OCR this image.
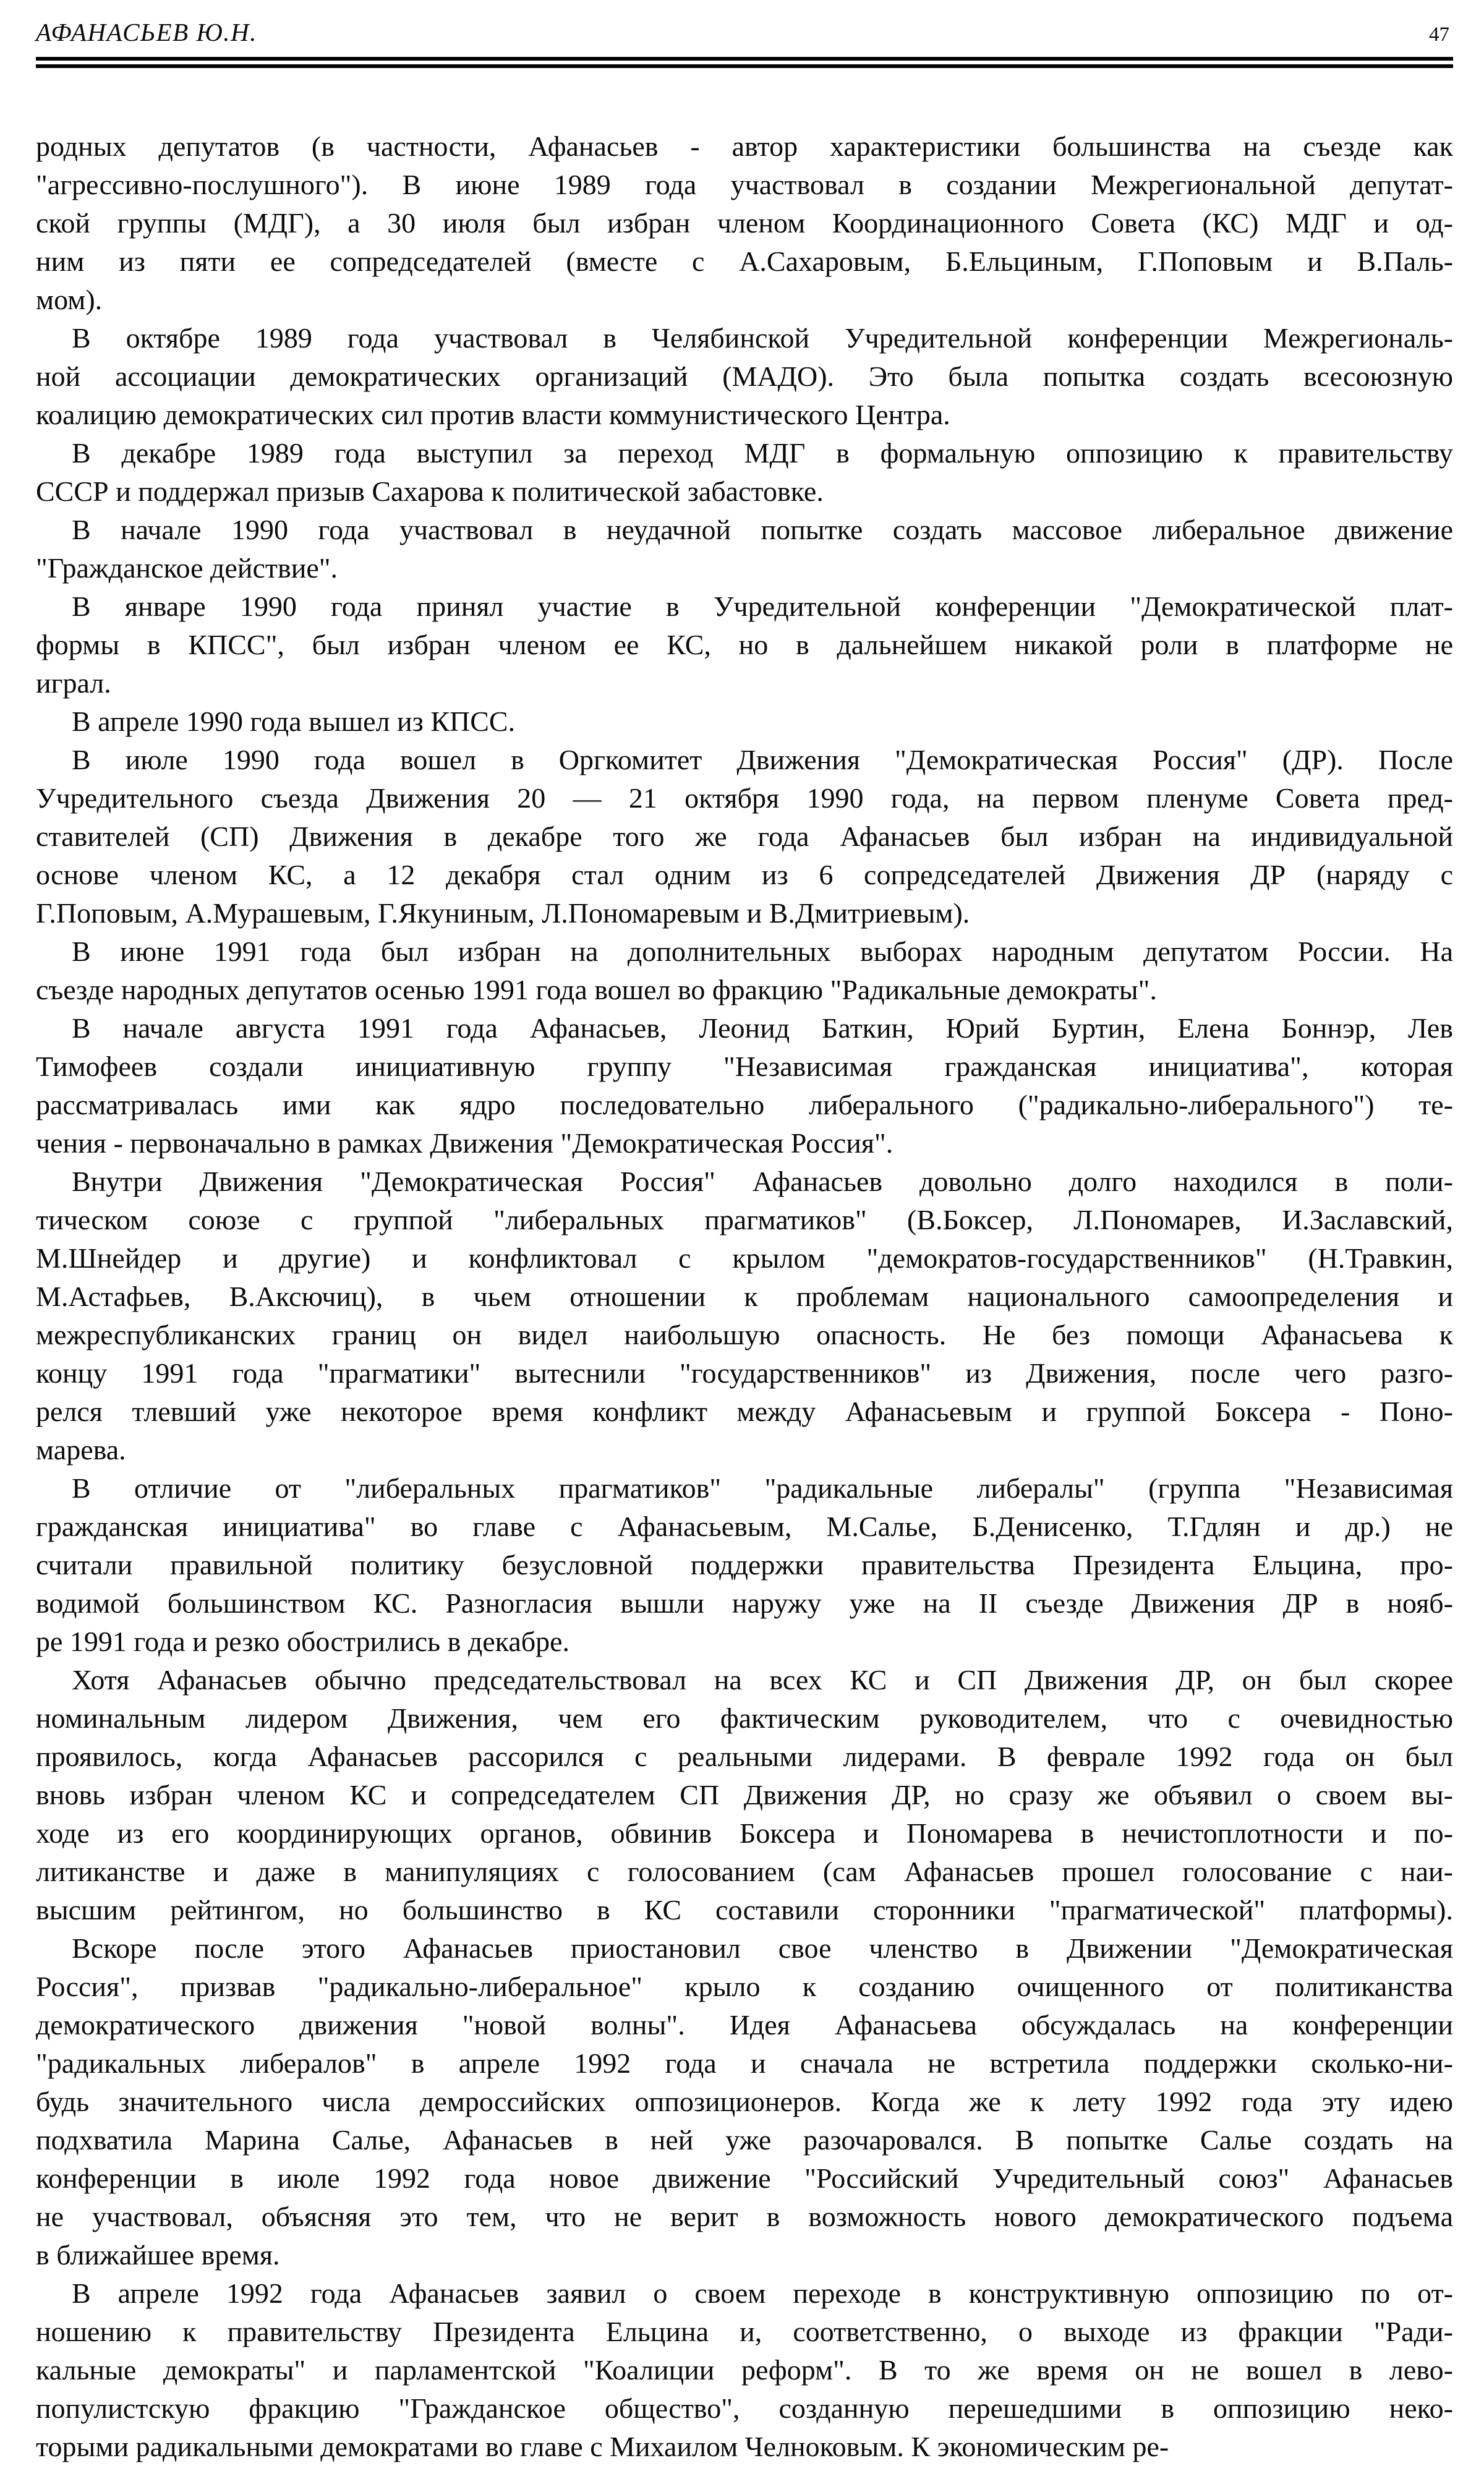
АФАНАСЬЕВ Ю.Н.	47
родных депутатов (в частности, Афанасьев - автор характеристики большинства на съезде как
"агрессивно-послушного"). В июне 1989 года участвовал в создании Межрегиональной депутат-
ской группы (МДГ), а 30 июля был избран членом Координационного Совета (КС) МДГ и од-
ним из пяти ее сопредседателей (вместе с А.Сахаровым, Б.Ельциным, Г.Поповым и В.Паль-
мом).
В октябре 1989 года участвовал в Челябинской Учредительной конференции Межрегиональ-
ной ассоциации демократических организаций (МАДО). Это была попытка создать всесоюзную
коалицию демократических сил против власти коммунистического Центра.
В декабре 1989 года выступил за переход МДГ в формальную оппозицию к правительству
СССР и поддержал призыв Сахарова к политической забастовке.
В начале 1990 года участвовал в неудачной попытке создать массовое либеральное движение
"Гражданское действие".
В январе 1990 года принял участие в Учредительной конференции "Демократической плат-
формы в КПСС", был избран членом ее КС, но в дальнейшем никакой роли в платформе не
играл.
В апреле 1990 года вышел из КПСС.
В июле 1990 года вошел в Оргкомитет Движения "Демократическая Россия" (ДР). После
Учредительного съезда Движения 20 — 21 октября 1990 года, на первом пленуме Совета пред-
ставителей (СП) Движения в декабре того же года Афанасьев был избран на индивидуальной
основе членом КС, а 12 декабря стал одним из 6 сопредседателей Движения ДР (наряду с
Г.Поповым, А.Мурашевым, Г.Якуниным, Л.Пономаревым и В.Дмитриевым).
В июне 1991 года был избран на дополнительных выборах народным депутатом России. На
съезде народных депутатов осенью 1991 года вошел во фракцию "Радикальные демократы".
В начале августа 1991 года Афанасьев, Леонид Баткин, Юрий Буртин, Елена Боннэр, Лев
Тимофеев создали инициативную группу "Независимая гражданская инициатива", которая
рассматривалась ими как ядро последовательно либерального ("радикально-либерального") те-
чения - первоначально в рамках Движения "Демократическая Россия".
Внутри Движения "Демократическая Россия" Афанасьев довольно долго находился в поли-
тическом союзе с группой "либеральных прагматиков" (В.Боксер, Л.Пономарев, И.Заславский,
М.Шнейдер и другие) и конфликтовал с крылом "демократов-государственников" (Н.Травкин,
М.Астафьев, В.Аксючиц), в чьем отношении к проблемам национального самоопределения и
межреспубликанских границ он видел наибольшую опасность. Не без помощи Афанасьева к
концу 1991 года "прагматики" вытеснили "государственников" из Движения, после чего разго-
релся тлевший уже некоторое время конфликт между Афанасьевым и группой Боксера - Поно-
марева.
В отличие от "либеральных прагматиков" "радикальные либералы" (группа "Независимая
гражданская инициатива" во главе с Афанасьевым, М.Салье, Б.Денисенко, Т.Гдлян и др.) не
считали правильной политику безусловной поддержки правительства Президента Ельцина, про-
водимой большинством КС. Разногласия вышли наружу уже на II съезде Движения ДР в нояб-
ре 1991 года и резко обострились в декабре.
Хотя Афанасьев обычно председательствовал на всех КС и СП Движения ДР, он был скорее
номинальным лидером Движения, чем его фактическим руководителем, что с очевидностью
проявилось, когда Афанасьев рассорился с реальными лидерами. В феврале 1992 года он был
вновь избран членом КС и сопредседателем СП Движения ДР, но сразу же объявил о своем вы-
ходе из его координирующих органов, обвинив Боксера и Пономарева в нечистоплотности и по-
литиканстве и даже в манипуляциях с голосованием (сам Афанасьев прошел голосование с наи-
высшим рейтингом, но большинство в КС составили сторонники "прагматической" платформы).
Вскоре после этого Афанасьев приостановил свое членство в Движении "Демократическая
Россия", призвав "радикально-либеральное" крыло к созданию очищенного от политиканства
демократического движения "новой волны". Идея Афанасьева обсуждалась на конференции
"радикальных либералов" в апреле 1992 года и сначала не встретила поддержки сколько-ни-
будь значительного числа демроссийских оппозиционеров. Когда же к лету 1992 года эту идею
подхватила Марина Салье, Афанасьев в ней уже разочаровался. В попытке Салье создать на
конференции в июле 1992 года новое движение "Российский Учредительный союз" Афанасьев
не участвовал, объясняя это тем, что не верит в возможность нового демократического подъема
в ближайшее время.
В апреле 1992 года Афанасьев заявил о своем переходе в конструктивную оппозицию по от-
ношению к правительству Президента Ельцина и, соответственно, о выходе из фракции "Ради-
кальные демократы" и парламентской "Коалиции реформ". В то же время он не вошел в лево-
популистскую фракцию "Гражданское общество", созданную перешедшими в оппозицию неко-
торыми радикальными демократами во главе с Михаилом Челноковым. К экономическим ре-
